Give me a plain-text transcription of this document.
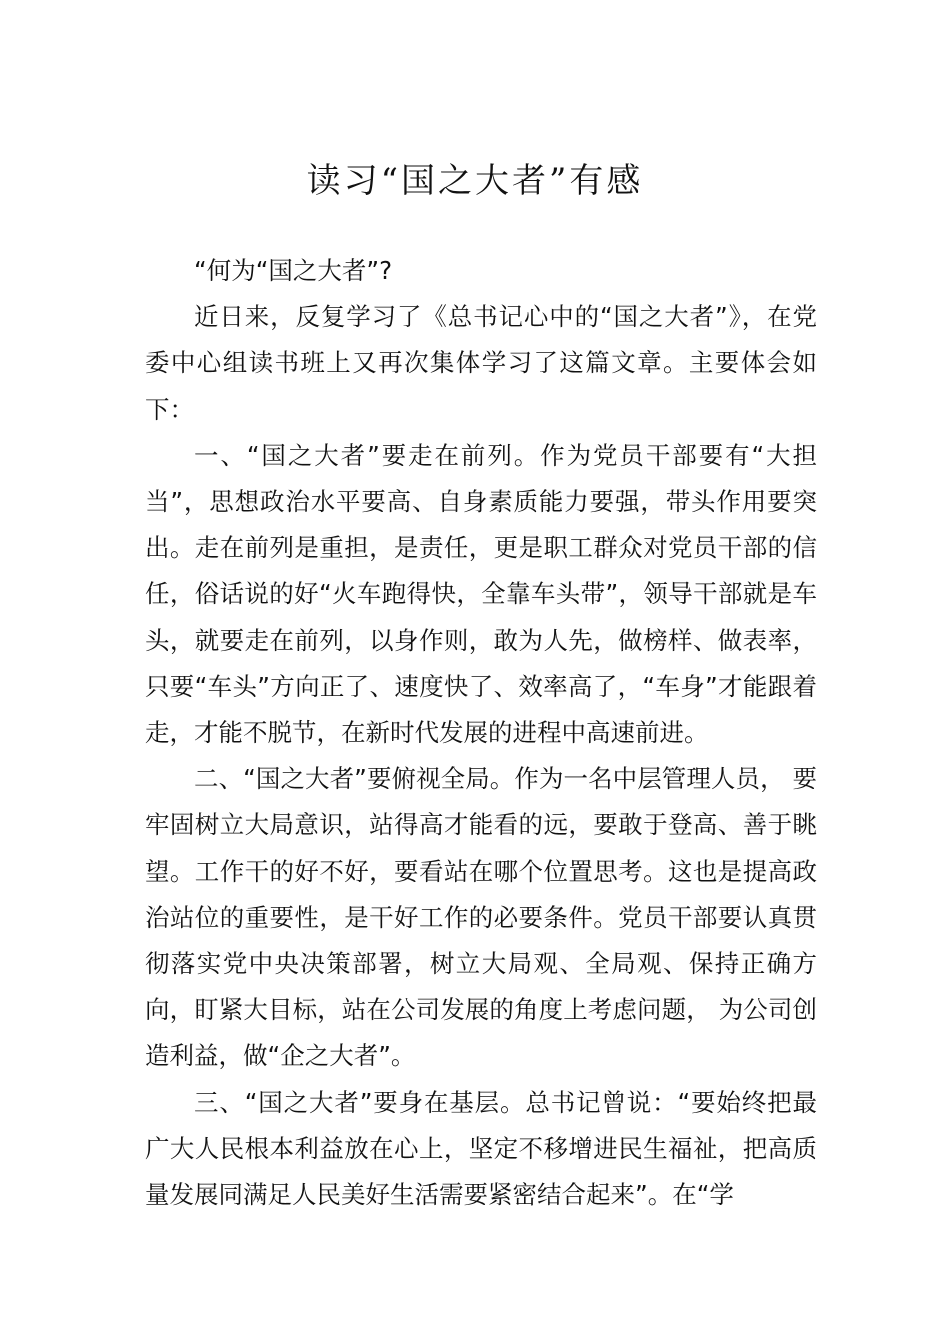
读习“国之大者”有感

“何为“国之大者”?

近日来，反复学习了《总书记心中的“国之大者”》，在党委中心组读书班上又再次集体学习了这篇文章。主要体会如下：

一、“国之大者”要走在前列。作为党员干部要有“大担当”，思想政治水平要高、自身素质能力要强，带头作用要突出。走在前列是重担，是责任，更是职工群众对党员干部的信任，俗话说的好“火车跑得快，全靠车头带”，领导干部就是车头，就要走在前列，以身作则，敢为人先，做榜样、做表率，只要“车头”方向正了、速度快了、效率高了，“车身”才能跟着走，才能不脱节，在新时代发展的进程中高速前进。

二、“国之大者”要俯视全局。作为一名中层管理人员， 要牢固树立大局意识，站得高才能看的远，要敢于登高、善于眺望。工作干的好不好，要看站在哪个位置思考。这也是提高政治站位的重要性，是干好工作的必要条件。党员干部要认真贯彻落实党中央决策部署，树立大局观、全局观、保持正确方向，盯紧大目标，站在公司发展的角度上考虑问题， 为公司创造利益，做“企之大者”。

三、“国之大者”要身在基层。总书记曾说：“要始终把最广大人民根本利益放在心上，坚定不移增进民生福祉，把高质量发展同满足人民美好生活需要紧密结合起来”。在“学
